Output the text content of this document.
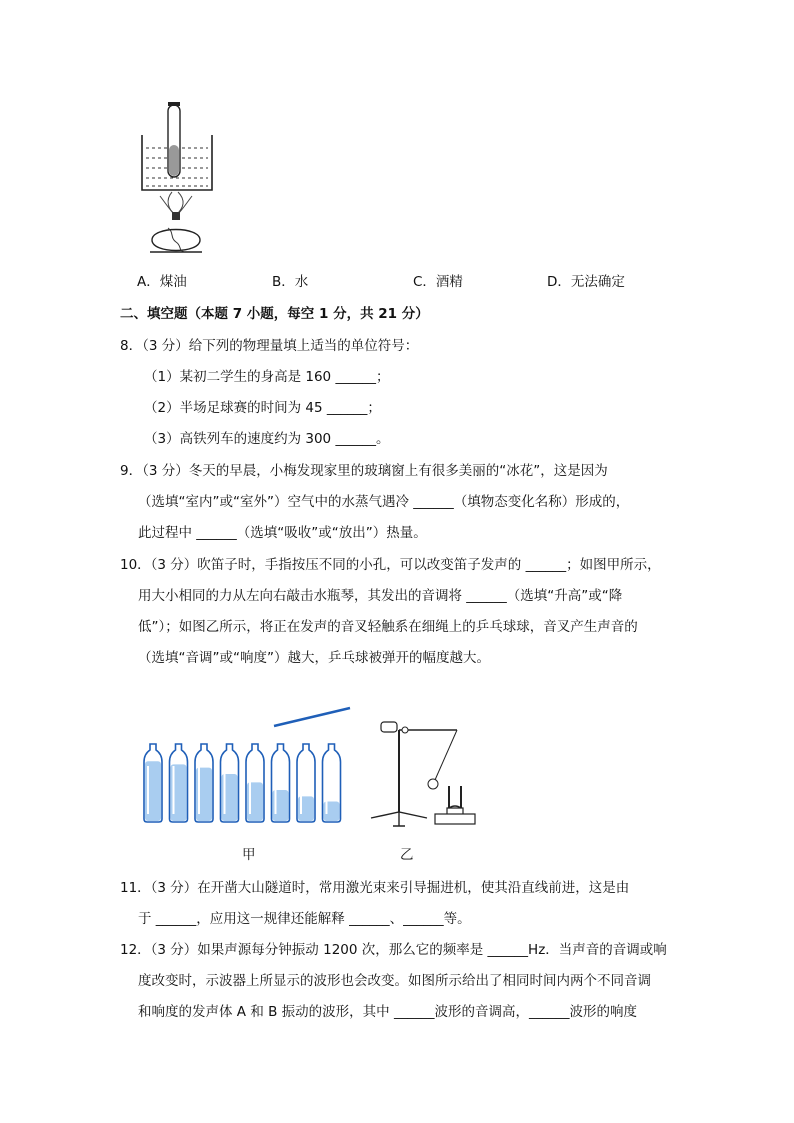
A．煤油	B．水	C．酒精	D．无法确定
二、填空题（本题 7 小题，每空 1 分，共 21 分）
8．（3 分）给下列的物理量填上适当的单位符号：
（1）某初二学生的身高是 160 ______；
（2）半场足球赛的时间为 45 ______；
（3）高铁列车的速度约为 300 ______。
9．（3 分）冬天的早晨，小梅发现家里的玻璃窗上有很多美丽的“冰花”，这是因为
（选填“室内”或“室外”）空气中的水蒸气遇冷 ______（填物态变化名称）形成的，
此过程中 ______（选填“吸收”或“放出”）热量。
10．（3 分）吹笛子时，手指按压不同的小孔，可以改变笛子发声的 ______；如图甲所示，
用大小相同的力从左向右敲击水瓶琴，其发出的音调将 ______（选填“升高”或“降
低”）；如图乙所示，将正在发声的音叉轻触系在细绳上的乒乓球球，音叉产生声音的
（选填“音调”或“响度”）越大，乒乓球被弹开的幅度越大。
甲	乙
11．（3 分）在开凿大山隧道时，常用激光束来引导掘进机，使其沿直线前进，这是由
于 ______，应用这一规律还能解释 ______、______等。
12．（3 分）如果声源每分钟振动 1200 次，那么它的频率是 ______Hz．当声音的音调或响
度改变时，示波器上所显示的波形也会改变。如图所示给出了相同时间内两个不同音调
和响度的发声体 A 和 B 振动的波形，其中 ______波形的音调高，______波形的响度
